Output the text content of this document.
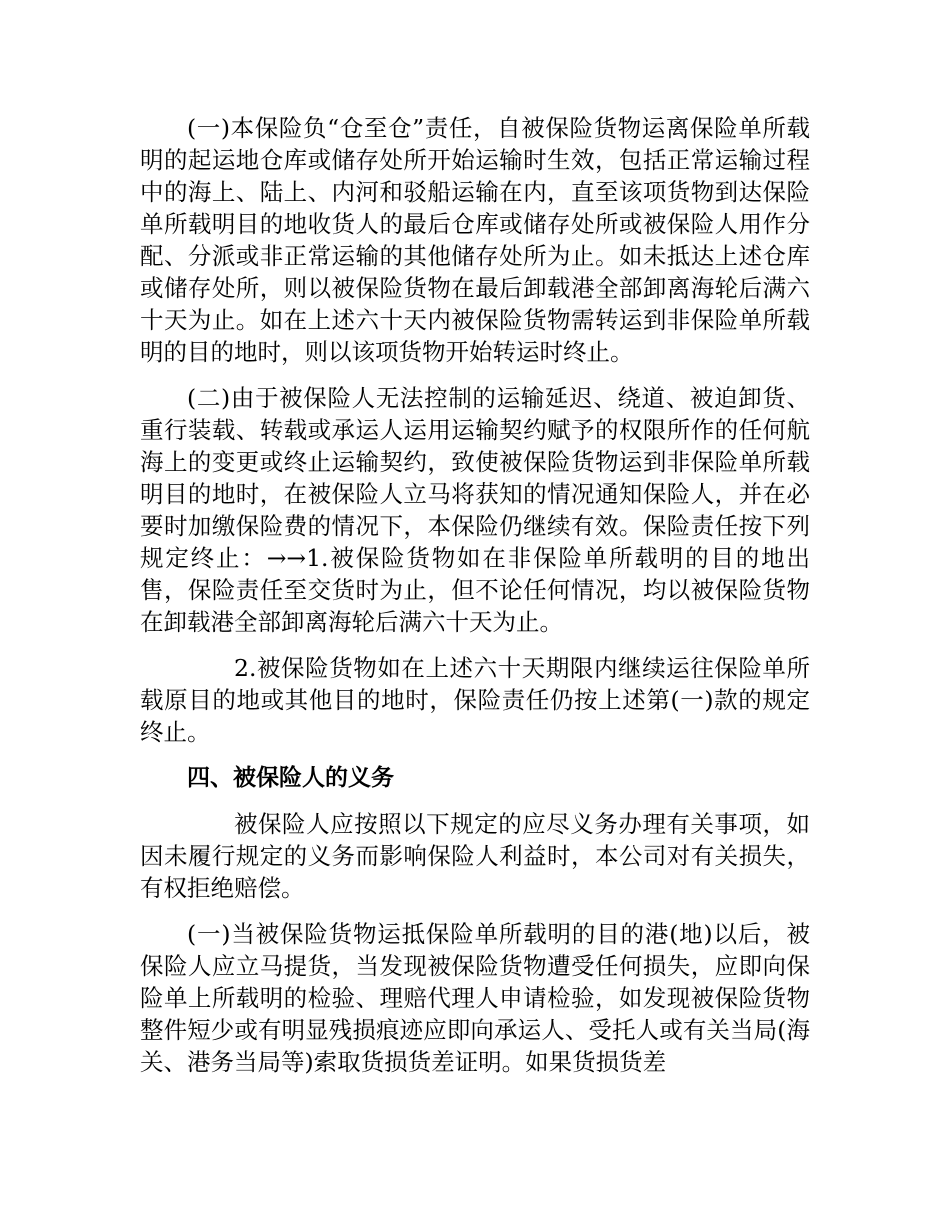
(一)本保险负“仓至仓”责任，自被保险货物运离保险单所载明的起运地仓库或储存处所开始运输时生效，包括正常运输过程中的海上、陆上、内河和驳船运输在内，直至该项货物到达保险单所载明目的地收货人的最后仓库或储存处所或被保险人用作分配、分派或非正常运输的其他储存处所为止。如未抵达上述仓库或储存处所，则以被保险货物在最后卸载港全部卸离海轮后满六十天为止。如在上述六十天内被保险货物需转运到非保险单所载明的目的地时，则以该项货物开始转运时终止。

(二)由于被保险人无法控制的运输延迟、绕道、被迫卸货、重行装载、转载或承运人运用运输契约赋予的权限所作的任何航海上的变更或终止运输契约，致使被保险货物运到非保险单所载明目的地时，在被保险人立马将获知的情况通知保险人，并在必要时加缴保险费的情况下，本保险仍继续有效。保险责任按下列规定终止：→→1.被保险货物如在非保险单所载明的目的地出售，保险责任至交货时为止，但不论任何情况，均以被保险货物在卸载港全部卸离海轮后满六十天为止。

2.被保险货物如在上述六十天期限内继续运往保险单所载原目的地或其他目的地时，保险责任仍按上述第(一)款的规定终止。

四、被保险人的义务

被保险人应按照以下规定的应尽义务办理有关事项，如因未履行规定的义务而影响保险人利益时，本公司对有关损失，有权拒绝赔偿。

(一)当被保险货物运抵保险单所载明的目的港(地)以后，被保险人应立马提货，当发现被保险货物遭受任何损失，应即向保险单上所载明的检验、理赔代理人申请检验，如发现被保险货物整件短少或有明显残损痕迹应即向承运人、受托人或有关当局(海关、港务当局等)索取货损货差证明。如果货损货差
